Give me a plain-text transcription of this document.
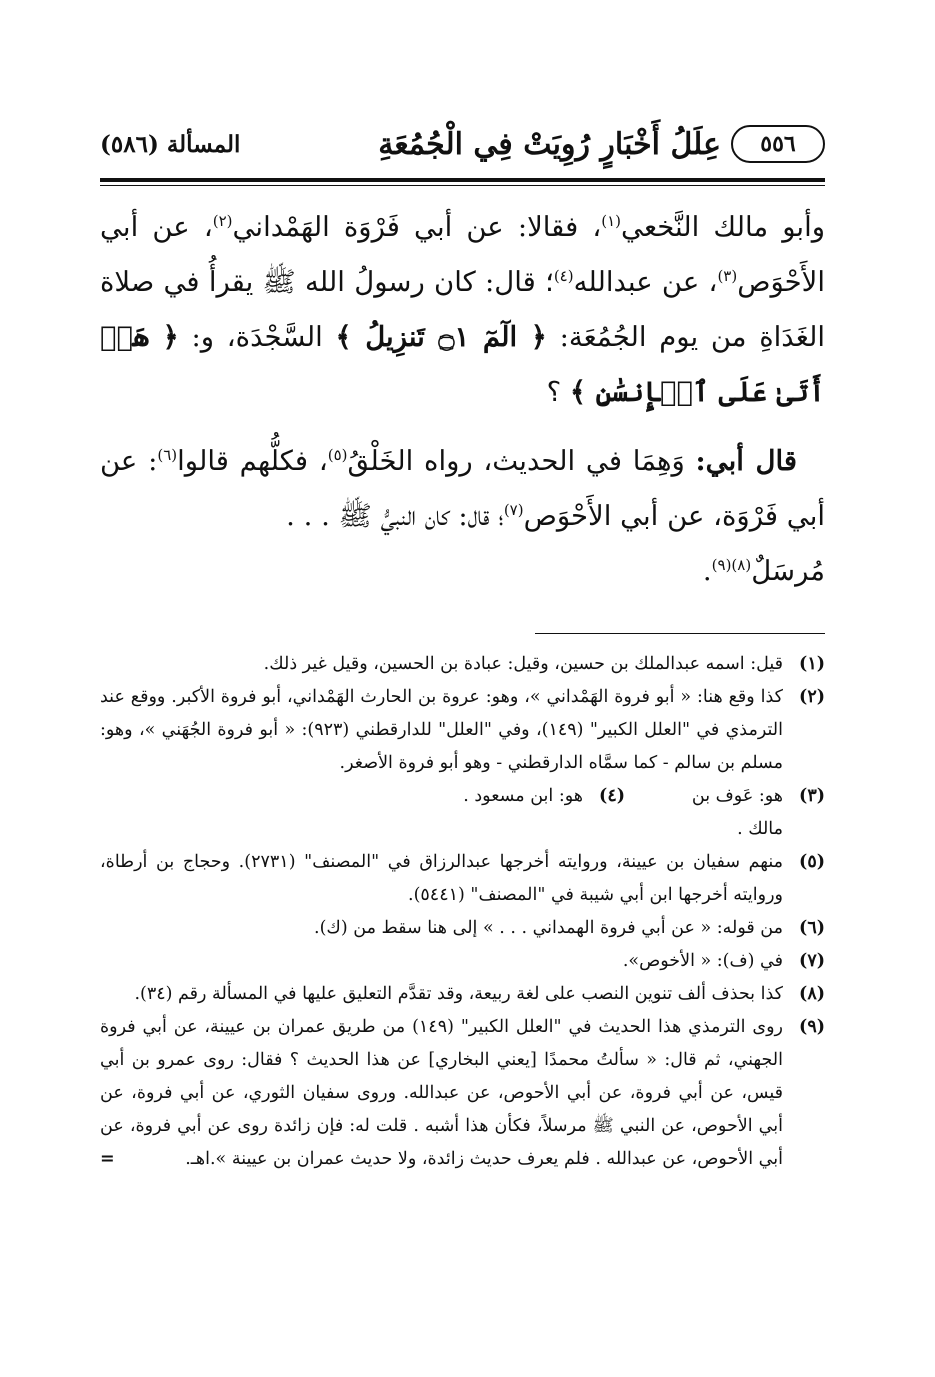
٥٥٦
عِلَلُ أَخْبَارٍ رُوِيَتْ فِي الْجُمُعَةِ
المسألة (٥٨٦)

وأبو مالك النَّخعي$^{(١)}$، فقالا: عن أبي فَرْوَة الهَمْداني$^{(٢)}$، عن أبي الأَحْوَص$^{(٣)}$، عن عبدالله$^{(٤)}$؛ قال: كان رسولُ الله ﷺ يقرأُ في صلاة الغَدَاةِ من يوم الجُمُعَة: ﴿ الٓمٓ ۝١ تَنزِيلُ ﴾ السَّجْدَة، و: ﴿ هَلۡ أَتَىٰ عَلَى ٱلۡإِنسَٰنِ ﴾ ؟

قال أبي: وَهِمَا في الحديث، رواه الخَلْقُ$^{(٥)}$، فكلُّهم قالوا$^{(٦)}$: عن أبي فَرْوَة، عن أبي الأَحْوَص$^{(٧)}$؛ قال: كان النبيُّ ﷺ . . .

مُرسَلٌ$^{(٨)(٩)}$.

(١)
قيل: اسمه عبدالملك بن حسين، وقيل: عبادة بن الحسين، وقيل غير ذلك.
(٢)
كذا وقع هنا: « أبو فروة الهَمْداني »، وهو: عروة بن الحارث الهَمْداني، أبو فروة الأكبر. ووقع عند الترمذي في "العلل الكبير" (١٤٩)، وفي "العلل" للدارقطني (٩٢٣): « أبو فروة الجُهَني »، وهو: مسلم بن سالم - كما سمَّاه الدارقطني - وهو أبو فروة الأصغر.
(٣)
هو: عَوف بن مالك .
(٤)
هو: ابن مسعود .
(٥)
منهم سفيان بن عيينة، وروايته أخرجها عبدالرزاق في "المصنف" (٢٧٣١). وحجاج بن أرطاة، وروايته أخرجها ابن أبي شيبة في "المصنف" (٥٤٤١).
(٦)
من قوله: « عن أبي فروة الهمداني . . . » إلى هنا سقط من (ك).
(٧)
في (ف): « الأخوص».
(٨)
كذا بحذف ألف تنوين النصب على لغة ربيعة، وقد تقدَّم التعليق عليها في المسألة رقم (٣٤).
(٩)
روى الترمذي هذا الحديث في "العلل الكبير" (١٤٩) من طريق عمران بن عيينة، عن أبي فروة الجهني، ثم قال: « سألتُ محمدًا [يعني البخاري] عن هذا الحديث ؟ فقال: روى عمرو بن أبي قيس، عن أبي فروة، عن أبي الأحوص، عن عبدالله. وروى سفيان الثوري، عن أبي فروة، عن أبي الأحوص، عن النبي ﷺ مرسلاً، فكأن هذا أشبه . قلت له: فإن زائدة روى عن أبي فروة، عن أبي الأحوص، عن عبدالله . فلم يعرف حديث زائدة، ولا حديث عمران بن عيينة ».اهـ.
=
